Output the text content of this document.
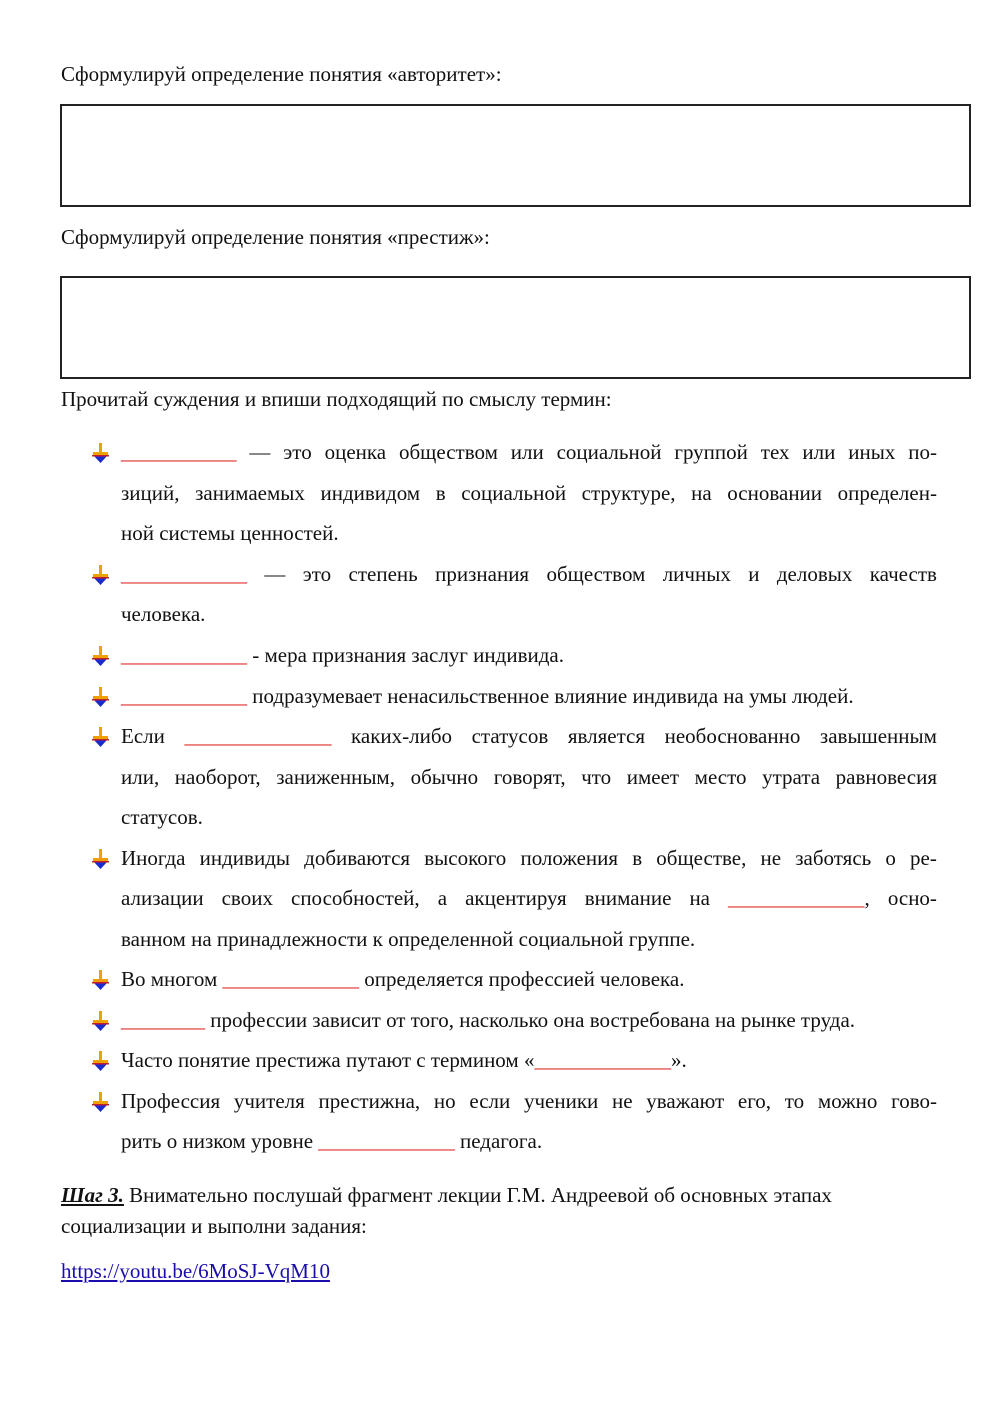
Сформулируй определение понятия «авторитет»:
Сформулируй определение понятия «престиж»:
Прочитай суждения и впиши подходящий по смыслу термин:
___________ — это оценка обществом или социальной группой тех или иных по-
зиций, занимаемых индивидом в социальной структуре, на основании определен-
ной системы ценностей.
____________ — это степень признания обществом личных и деловых качеств
человека.
____________ - мера признания заслуг индивида.
____________ подразумевает ненасильственное влияние индивида на умы людей.
Если ______________ каких-либо статусов является необоснованно завышенным
или, наоборот, заниженным, обычно говорят, что имеет место утрата равновесия
статусов.
Иногда индивиды добиваются высокого положения в обществе, не заботясь о ре-
ализации своих способностей, а акцентируя внимание на _____________, осно-
ванном на принадлежности к определенной социальной группе.
Во многом _____________ определяется профессией человека.
________ профессии зависит от того, насколько она востребована на рынке труда.
Часто понятие престижа путают с термином «_____________».
Профессия учителя престижна, но если ученики не уважают его, то можно гово-
рить о низком уровне _____________ педагога.
Шаг 3. Внимательно послушай фрагмент лекции Г.М. Андреевой об основных этапах
социализации и выполни задания:
https://youtu.be/6MoSJ-VqM10
